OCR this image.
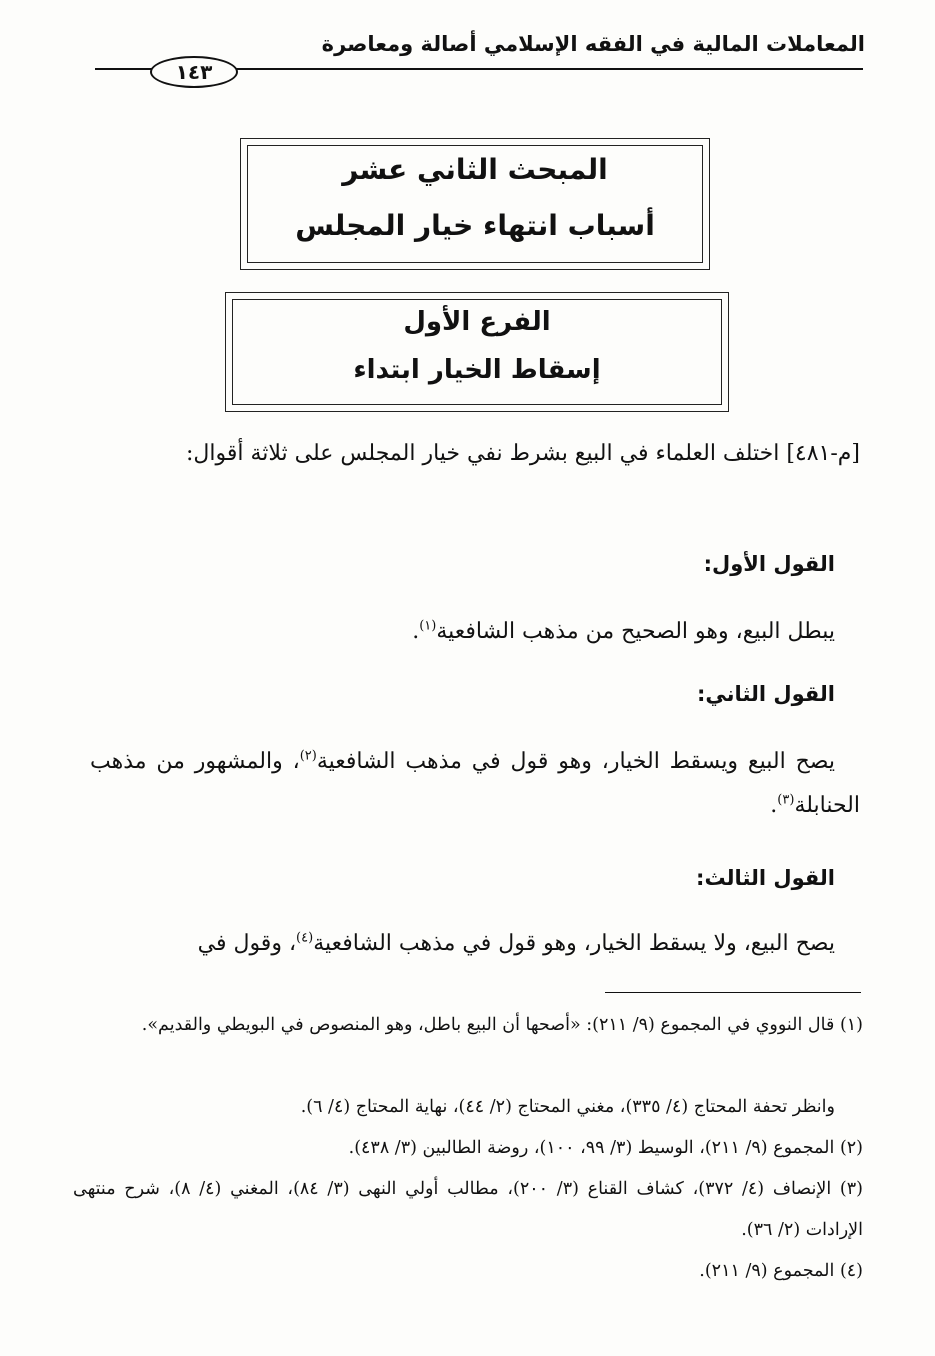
المعاملات المالية في الفقه الإسلامي أصالة ومعاصرة
١٤٣
المبحث الثاني عشر
أسباب انتهاء خيار المجلس
الفرع الأول
إسقاط الخيار ابتداء
[م-٤٨١] اختلف العلماء في البيع بشرط نفي خيار المجلس على ثلاثة أقوال:
القول الأول:
يبطل البيع، وهو الصحيح من مذهب الشافعية$^{(١)}$.
القول الثاني:
يصح البيع ويسقط الخيار، وهو قول في مذهب الشافعية$^{(٢)}$، والمشهور من مذهب الحنابلة$^{(٣)}$.
القول الثالث:
يصح البيع، ولا يسقط الخيار، وهو قول في مذهب الشافعية$^{(٤)}$، وقول في
(١) قال النووي في المجموع (٩/ ٢١١): «أصحها أن البيع باطل، وهو المنصوص في البويطي والقديم».
وانظر تحفة المحتاج (٤/ ٣٣٥)، مغني المحتاج (٢/ ٤٤)، نهاية المحتاج (٤/ ٦).
(٢) المجموع (٩/ ٢١١)، الوسيط (٣/ ٩٩، ١٠٠)، روضة الطالبين (٣/ ٤٣٨).
(٣) الإنصاف (٤/ ٣٧٢)، كشاف القناع (٣/ ٢٠٠)، مطالب أولي النهى (٣/ ٨٤)، المغني (٤/ ٨)، شرح منتهى الإرادات (٢/ ٣٦).
(٤) المجموع (٩/ ٢١١).
